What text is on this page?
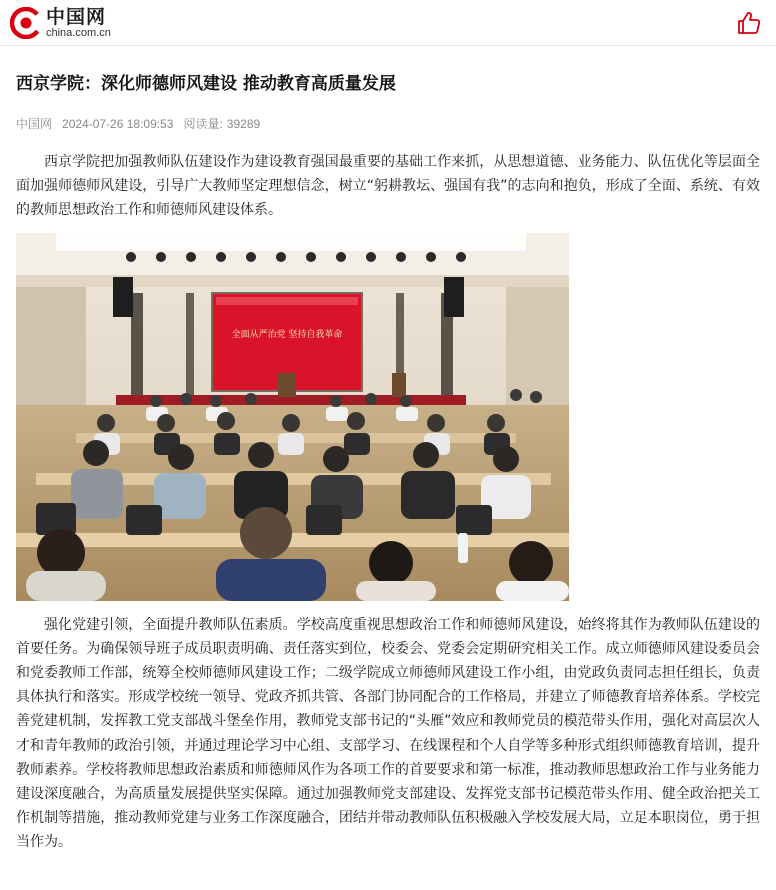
中国网
china.com.cn
西京学院：深化师德师风建设 推动教育高质量发展
中国网 2024-07-26 18:09:53 阅读量: 39289

西京学院把加强教师队伍建设作为建设教育强国最重要的基础工作来抓，从思想道德、业务能力、队伍优化等层面全面加强师德师风建设，引导广大教师坚定理想信念，树立“躬耕教坛、强国有我”的志向和抱负，形成了全面、系统、有效的教师思想政治工作和师德师风建设体系。

全面从严治党 坚持自我革命

强化党建引领，全面提升教师队伍素质。学校高度重视思想政治工作和师德师风建设，始终将其作为教师队伍建设的首要任务。为确保领导班子成员职责明确、责任落实到位，校委会、党委会定期研究相关工作。成立师德师风建设委员会和党委教师工作部，统筹全校师德师风建设工作；二级学院成立师德师风建设工作小组，由党政负责同志担任组长，负责具体执行和落实。形成学校统一领导、党政齐抓共管、各部门协同配合的工作格局，并建立了师德教育培养体系。学校完善党建机制，发挥教工党支部战斗堡垒作用，教师党支部书记的“头雁”效应和教师党员的模范带头作用，强化对高层次人才和青年教师的政治引领，并通过理论学习中心组、支部学习、在线课程和个人自学等多种形式组织师德教育培训，提升教师素养。学校将教师思想政治素质和师德师风作为各项工作的首要要求和第一标准，推动教师思想政治工作与业务能力建设深度融合，为高质量发展提供坚实保障。通过加强教师党支部建设、发挥党支部书记模范带头作用、健全政治把关工作机制等措施，推动教师党建与业务工作深度融合，团结并带动教师队伍积极融入学校发展大局，立足本职岗位，勇于担当作为。
